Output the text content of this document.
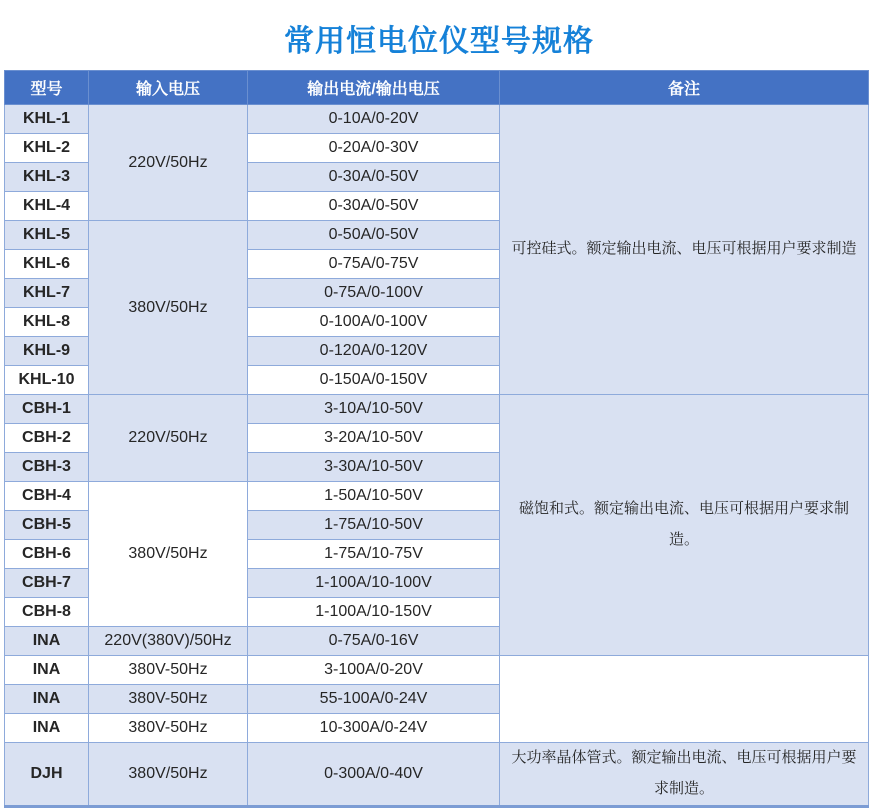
常用恒电位仪型号规格
型号	输入电压	输出电流/输出电压	备注
KHL-1	220V/50Hz	0-10A/0-20V	可控硅式。额定输出电流、电压可根据用户要求制造
KHL-2		0-20A/0-30V	
KHL-3		0-30A/0-50V	
KHL-4		0-30A/0-50V	
KHL-5	380V/50Hz	0-50A/0-50V	
KHL-6		0-75A/0-75V	
KHL-7		0-75A/0-100V	
KHL-8		0-100A/0-100V	
KHL-9		0-120A/0-120V	
KHL-10		0-150A/0-150V	
CBH-1	220V/50Hz	3-10A/10-50V	磁饱和式。额定输出电流、电压可根据用户要求制造。
CBH-2		3-20A/10-50V	
CBH-3		3-30A/10-50V	
CBH-4	380V/50Hz	1-50A/10-50V	
CBH-5		1-75A/10-50V	
CBH-6		1-75A/10-75V	
CBH-7		1-100A/10-100V	
CBH-8		1-100A/10-150V	
INA	220V(380V)/50Hz	0-75A/0-16V	
INA	380V-50Hz	3-100A/0-20V	
INA	380V-50Hz	55-100A/0-24V	
INA	380V-50Hz	10-300A/0-24V	
DJH	380V/50Hz	0-300A/0-40V	大功率晶体管式。额定输出电流、电压可根据用户要求制造。
